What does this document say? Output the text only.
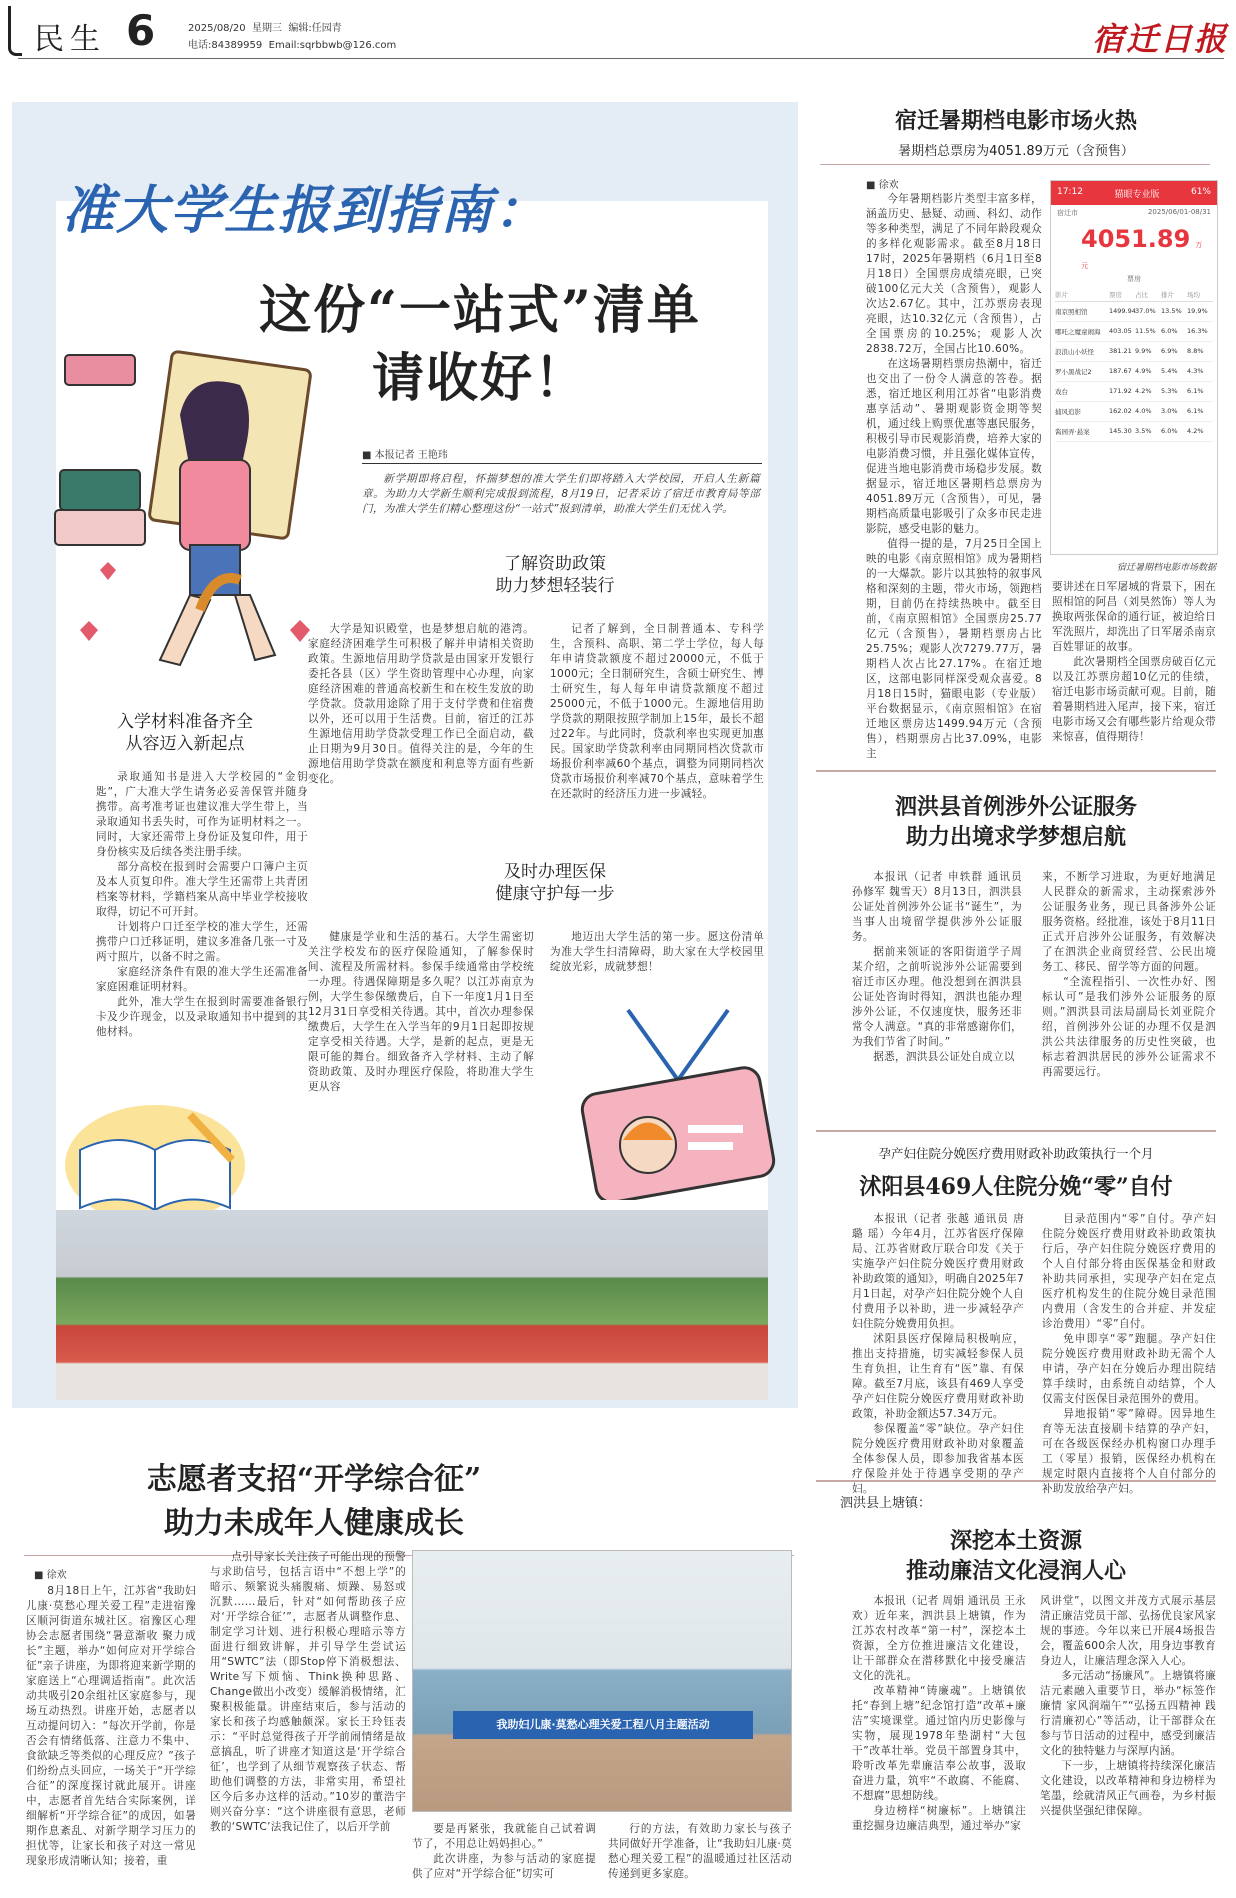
民生 6	2025/08/20 星期三 编辑:任园青
电话:84389959 Email:sqrbbwb@126.com	宿迁日报
准大学生报到指南：
这份“一站式”清单
请收好！
■ 本报记者 王艳玮
新学期即将启程，怀揣梦想的准大学生们即将踏入大学校园，开启人生新篇章。为助力大学新生顺利完成报到流程，8月19日，记者采访了宿迁市教育局等部门，为准大学生们精心整理这份“一站式”报到清单，助准大学生们无忧入学。
入学材料准备齐全
从容迈入新起点

录取通知书是进入大学校园的“金钥匙”，广大准大学生请务必妥善保管并随身携带。高考准考证也建议准大学生带上，当录取通知书丢失时，可作为证明材料之一。同时，大家还需带上身份证及复印件，用于身份核实及后续各类注册手续。

部分高校在报到时会需要户口簿户主页及本人页复印件。准大学生还需带上共青团档案等材料，学籍档案从高中毕业学校接收取得，切记不可开封。

计划将户口迁至学校的准大学生，还需携带户口迁移证明，建议多准备几张一寸及两寸照片，以备不时之需。

家庭经济条件有限的准大学生还需准备家庭困难证明材料。

此外，准大学生在报到时需要准备银行卡及少许现金，以及录取通知书中提到的其他材料。

了解资助政策
助力梦想轻装行

大学是知识殿堂，也是梦想启航的港湾。家庭经济困难学生可积极了解并申请相关资助政策。生源地信用助学贷款是由国家开发银行委托各县（区）学生资助管理中心办理，向家庭经济困难的普通高校新生和在校生发放的助学贷款。贷款用途除了用于支付学费和住宿费以外，还可以用于生活费。目前，宿迁的江苏生源地信用助学贷款受理工作已全面启动，截止日期为9月30日。值得关注的是，今年的生源地信用助学贷款在额度和利息等方面有些新变化。

记者了解到，全日制普通本、专科学生，含预科、高职、第二学士学位，每人每年申请贷款额度不超过20000元，不低于1000元；全日制研究生，含硕士研究生、博士研究生，每人每年申请贷款额度不超过25000元，不低于1000元。生源地信用助学贷款的期限按照学制加上15年，最长不超过22年。与此同时，贷款利率也实现更加惠民。国家助学贷款利率由同期同档次贷款市场报价利率减60个基点，调整为同期同档次贷款市场报价利率减70个基点，意味着学生在还款时的经济压力进一步减轻。

及时办理医保
健康守护每一步

健康是学业和生活的基石。大学生需密切关注学校发布的医疗保险通知，了解参保时间、流程及所需材料。参保手续通常由学校统一办理。待遇保障期是多久呢？以江苏南京为例，大学生参保缴费后，自下一年度1月1日至12月31日享受相关待遇。其中，首次办理参保缴费后，大学生在入学当年的9月1日起即按规定享受相关待遇。大学，是新的起点，更是无限可能的舞台。细致备齐入学材料、主动了解资助政策、及时办理医疗保险，将助准大学生更从容

地迈出大学生活的第一步。愿这份清单为准大学生扫清障碍，助大家在大学校园里绽放光彩，成就梦想！

宿迁暑期档电影市场火热
暑期档总票房为4051.89万元（含预售）
■ 徐欢

今年暑期档影片类型丰富多样，涵盖历史、悬疑、动画、科幻、动作等多种类型，满足了不同年龄段观众的多样化观影需求。截至8月18日17时，2025年暑期档（6月1日至8月18日）全国票房成绩亮眼，已突破100亿元大关（含预售），观影人次达2.67亿。其中，江苏票房表现亮眼，达10.32亿元（含预售），占全国票房的10.25%；观影人次2838.72万，全国占比10.60%。

在这场暑期档票房热潮中，宿迁也交出了一份令人满意的答卷。据悉，宿迁地区利用江苏省“电影消费惠享活动”、暑期观影资金期等契机，通过线上购票优惠等惠民服务，积极引导市民观影消费，培养大家的电影消费习惯，并且强化媒体宣传，促进当地电影消费市场稳步发展。数据显示，宿迁地区暑期档总票房为4051.89万元（含预售），可见，暑期档高质量电影吸引了众多市民走进影院，感受电影的魅力。

值得一提的是，7月25日全国上映的电影《南京照相馆》成为暑期档的一大爆款。影片以其独特的叙事风格和深刻的主题，带火市场，领跑档期，目前仍在持续热映中。截至目前，《南京照相馆》全国票房25.77亿元（含预售），暑期档票房占比25.75%；观影人次7279.77万，暑期档人次占比27.17%。在宿迁地区，这部电影同样深受观众喜爱。8月18日15时，猫眼电影（专业版）平台数据显示，《南京照相馆》在宿迁地区票房达1499.94万元（含预售），档期票房占比37.09%，电影主

要讲述在日军屠城的背景下，困在照相馆的阿昌（刘昊然饰）等人为换取两张保命的通行证，被迫给日军洗照片，却洗出了日军屠杀南京百姓罪证的故事。

此次暑期档全国票房破百亿元以及江苏票房超10亿元的佳绩，宿迁电影市场贡献可观。目前，随着暑期档进入尾声，接下来，宿迁电影市场又会有哪些影片给观众带来惊喜，值得期待！

17:12	猫眼专业版	61%
宿迁市	2025/06/01-08/31
4051.89 万元
票房
影片	票房	占比	排片	场均
南京照相馆	1499.94 37.0% 13.5% 19.9%
哪吒之魔童闹海	403.05 11.5% 6.0%	16.3%
浪浪山小妖怪	381.21 9.9%	6.9%	8.8%
罗小黑战记2	187.67 4.9%	5.4%	4.3%
戏台	171.92 4.2%	5.3%	6.1%
捕风追影	162.02 4.0%	3.0%	6.1%
酱园弄·悬案	145.30 3.5%	6.0%	4.2%
宿迁暑期档电影市场数据
泗洪县首例涉外公证服务
助力出境求学梦想启航

本报讯（记者 申轶群 通讯员 孙修军 魏雪天）8月13日，泗洪县公证处首例涉外公证书“诞生”，为当事人出境留学提供涉外公证服务。

据前来领证的客阳街道学子周某介绍，之前听说涉外公证需要到宿迁市区办理。他没想到在泗洪县公证处咨询时得知，泗洪也能办理涉外公证，不仅速度快，服务还非常令人满意。“真的非常感谢你们，为我们节省了时间。”

据悉，泗洪县公证处自成立以

来，不断学习进取，为更好地满足人民群众的新需求，主动探索涉外公证服务业务，现已具备涉外公证服务资格。经批准，该处于8月11日正式开启涉外公证服务，有效解决了在泗洪企业商贸经营、公民出境务工、移民、留学等方面的问题。

“全流程指引、一次性办好、图标认可”是我们涉外公证服务的原则。”泗洪县司法局副局长刘亚院介绍，首例涉外公证的办理不仅是泗洪公共法律服务的历史性突破，也标志着泗洪居民的涉外公证需求不再需要远行。

孕产妇住院分娩医疗费用财政补助政策执行一个月
沭阳县469人住院分娩“零”自付

本报讯（记者 张越 通讯员 唐 璐 瑶）今年4月，江苏省医疗保障局、江苏省财政厅联合印发《关于实施孕产妇住院分娩医疗费用财政补助政策的通知》，明确自2025年7月1日起，对孕产妇住院分娩个人自付费用予以补助，进一步减轻孕产妇住院分娩费用负担。

沭阳县医疗保障局积极响应，推出支持措施，切实减轻参保人员生育负担，让生育有“医”靠、有保障。截至7月底，该县有469人享受孕产妇住院分娩医疗费用财政补助政策，补助金额达57.34万元。

参保覆盖“零”缺位。孕产妇住院分娩医疗费用财政补助对象覆盖全体参保人员，即参加我省基本医疗保险并处于待遇享受期的孕产妇。

目录范围内“零”自付。孕产妇住院分娩医疗费用财政补助政策执行后，孕产妇住院分娩医疗费用的个人自付部分将由医保基金和财政补助共同承担，实现孕产妇在定点医疗机构发生的住院分娩目录范围内费用（含发生的合并症、并发症诊治费用）“零”自付。

免申即享“零”跑腿。孕产妇住院分娩医疗费用财政补助无需个人申请，孕产妇在分娩后办理出院结算手续时，由系统自动结算，个人仅需支付医保目录范围外的费用。

异地报销“零”障碍。因异地生育等无法直接刷卡结算的孕产妇，可在各级医保经办机构窗口办理手工（零星）报销，医保经办机构在规定时限内直接将个人自付部分的补助发放给孕产妇。

志愿者支招“开学综合征”
助力未成年人健康成长
■ 徐欢

8月18日上午，江苏省“我助妇儿康·莫愁心理关爱工程”走进宿豫区顺河街道东城社区。宿豫区心理协会志愿者围绕“暑意渐收 聚力成长”主题，举办“如何应对开学综合征”亲子讲座，为即将迎来新学期的家庭送上“心理调适指南”。此次活动共吸引20余组社区家庭参与，现场互动热烈。讲座开始，志愿者以互动提问切入：“每次开学前，你是否会有情绪低落、注意力不集中、食欲缺乏等类似的心理反应？”孩子们纷纷点头回应，一场关于“开学综合征”的深度探讨就此展开。讲座中，志愿者首先结合实际案例，详细解析“开学综合征”的成因，如暑期作息紊乱、对新学期学习压力的担忧等，让家长和孩子对这一常见现象形成清晰认知；接着，重

点引导家长关注孩子可能出现的预警与求助信号，包括言语中“不想上学”的暗示、频繁说头痛腹痛、烦躁、易怒或沉默……最后，针对“如何帮助孩子应对‘开学综合征’”，志愿者从调整作息、制定学习计划、进行积极心理暗示等方面进行细致讲解，并引导学生尝试运用“SWTC”法（即Stop停下消极想法、Write写下烦恼、Think换种思路、Change做出小改变）缓解消极情绪，汇聚积极能量。讲座结束后，参与活动的家长和孩子均感触颇深。家长王玲钰表示：“平时总觉得孩子开学前闹情绪是故意搞乱，听了讲座才知道这是‘开学综合征’，也学到了从细节观察孩子状态、帮助他们调整的方法，非常实用，希望社区今后多办这样的活动。”10岁的董浩宇则兴奋分享：“这个讲座很有意思，老师教的‘SWTC’法我记住了，以后开学前

我助妇儿康·莫愁心理关爱工程八月主题活动

要是再紧张，我就能自己试着调节了，不用总让妈妈担心。”

此次讲座，为参与活动的家庭提供了应对“开学综合征”切实可

行的方法，有效助力家长与孩子共同做好开学准备，让“我助妇儿康·莫愁心理关爱工程”的温暖通过社区活动传递到更多家庭。

泗洪县上塘镇：
深挖本土资源
推动廉洁文化浸润人心

本报讯（记者 周娟 通讯员 王永欢）近年来，泗洪县上塘镇，作为江苏农村改革“第一村”，深挖本土资源，全方位推进廉洁文化建设，让干部群众在潜移默化中接受廉洁文化的洗礼。

改革精神“铸廉魂”。上塘镇依托“春到上塘”纪念馆打造“改革+廉洁”实境课堂。通过馆内历史影像与实物，展现1978年垫湖村“大包干”改革壮举。党员干部置身其中，聆听改革先辈廉洁奉公故事，汲取奋进力量，筑牢“不敢腐、不能腐、不想腐”思想防线。

身边榜样“树廉标”。上塘镇注重挖掘身边廉洁典型，通过举办“家

风讲堂”，以图文并茂方式展示基层清正廉洁党员干部、弘扬优良家风家规的事迹。今年以来已开展4场报告会，覆盖600余人次，用身边事教育身边人，让廉洁理念深入人心。

多元活动“扬廉风”。上塘镇将廉洁元素融入重要节日，举办“标签作廉情 家风润端午”“弘扬五四精神 践行清廉初心”等活动，让干部群众在参与节日活动的过程中，感受到廉洁文化的独特魅力与深厚内涵。

下一步，上塘镇将持续深化廉洁文化建设，以改革精神和身边榜样为笔墨，绘就清风正气画卷，为乡村振兴提供坚强纪律保障。
